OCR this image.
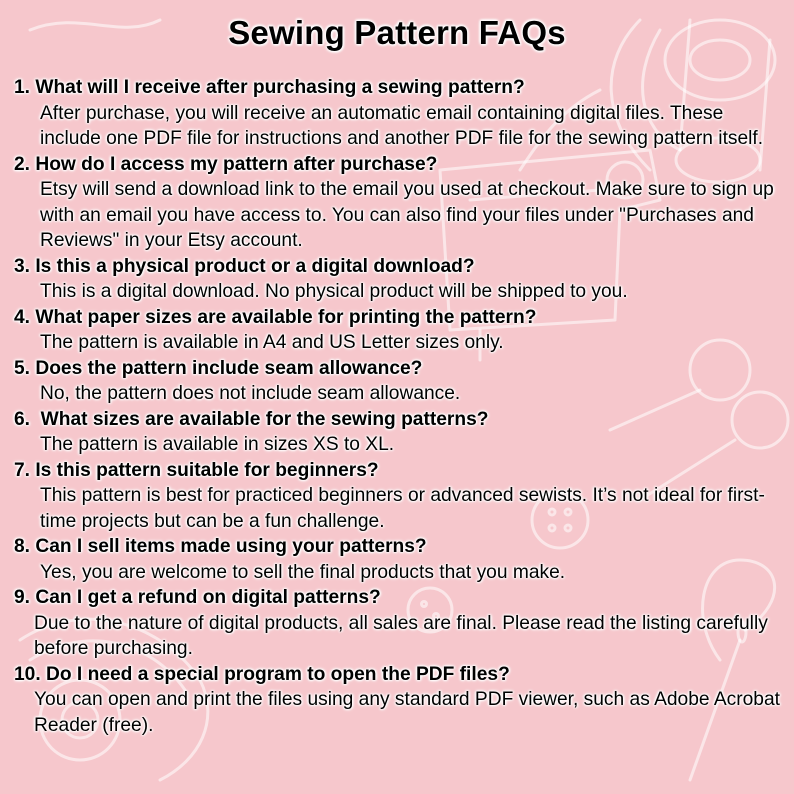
Sewing Pattern FAQs
1. What will I receive after purchasing a sewing pattern?
After purchase, you will receive an automatic email containing digital files. These include one PDF file for instructions and another PDF file for the sewing pattern itself.
2. How do I access my pattern after purchase?
Etsy will send a download link to the email you used at checkout. Make sure to sign up with an email you have access to. You can also find your files under "Purchases and Reviews" in your Etsy account.
3. Is this a physical product or a digital download?
This is a digital download. No physical product will be shipped to you.
4. What paper sizes are available for printing the pattern?
The pattern is available in A4 and US Letter sizes only.
5. Does the pattern include seam allowance?
No, the pattern does not include seam allowance.
6.  What sizes are available for the sewing patterns?
The pattern is available in sizes XS to XL.
7. Is this pattern suitable for beginners?
This pattern is best for practiced beginners or advanced sewists. It’s not ideal for first-time projects but can be a fun challenge.
8. Can I sell items made using your patterns?
Yes, you are welcome to sell the final products that you make.
9. Can I get a refund on digital patterns?
Due to the nature of digital products, all sales are final. Please read the listing carefully before purchasing.
10. Do I need a special program to open the PDF files?
You can open and print the files using any standard PDF viewer, such as Adobe Acrobat Reader (free).
